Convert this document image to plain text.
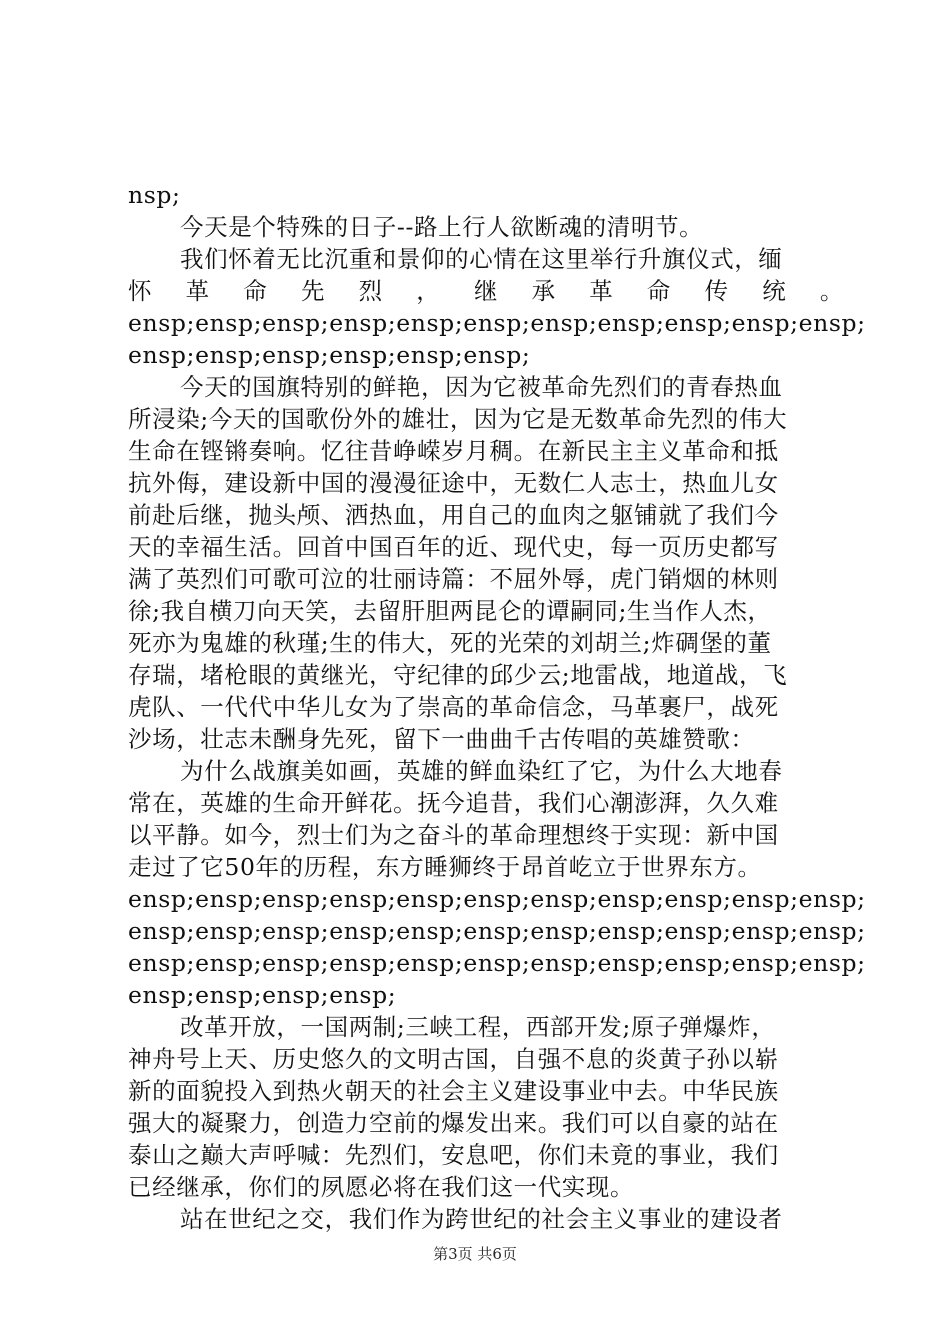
nsp;

今天是个特殊的日子--路上行人欲断魂的清明节。

我们怀着无比沉重和景仰的心情在这里举行升旗仪式，缅

怀 革 命 先 烈 ， 继 承 革 命 传 统 。

ensp;ensp;ensp;ensp;ensp;ensp;ensp;ensp;ensp;ensp;ensp;

ensp;ensp;ensp;ensp;ensp;ensp;

今天的国旗特别的鲜艳，因为它被革命先烈们的青春热血

所浸染;今天的国歌份外的雄壮，因为它是无数革命先烈的伟大

生命在铿锵奏响。忆往昔峥嵘岁月稠。在新民主主义革命和抵

抗外侮，建设新中国的漫漫征途中，无数仁人志士，热血儿女

前赴后继，抛头颅、洒热血，用自己的血肉之躯铺就了我们今

天的幸福生活。回首中国百年的近、现代史，每一页历史都写

满了英烈们可歌可泣的壮丽诗篇：不屈外辱，虎门销烟的林则

徐;我自横刀向天笑，去留肝胆两昆仑的谭嗣同;生当作人杰，

死亦为鬼雄的秋瑾;生的伟大，死的光荣的刘胡兰;炸碉堡的董

存瑞，堵枪眼的黄继光，守纪律的邱少云;地雷战，地道战，飞

虎队、一代代中华儿女为了崇高的革命信念，马革裹尸，战死

沙场，壮志未酬身先死，留下一曲曲千古传唱的英雄赞歌：

为什么战旗美如画，英雄的鲜血染红了它，为什么大地春

常在，英雄的生命开鲜花。抚今追昔，我们心潮澎湃，久久难

以平静。如今，烈士们为之奋斗的革命理想终于实现：新中国

走过了它50年的历程，东方睡狮终于昂首屹立于世界东方。

ensp;ensp;ensp;ensp;ensp;ensp;ensp;ensp;ensp;ensp;ensp;

ensp;ensp;ensp;ensp;ensp;ensp;ensp;ensp;ensp;ensp;ensp;

ensp;ensp;ensp;ensp;ensp;ensp;ensp;ensp;ensp;ensp;ensp;

ensp;ensp;ensp;ensp;

改革开放，一国两制;三峡工程，西部开发;原子弹爆炸，

神舟号上天、历史悠久的文明古国，自强不息的炎黄子孙以崭

新的面貌投入到热火朝天的社会主义建设事业中去。中华民族

强大的凝聚力，创造力空前的爆发出来。我们可以自豪的站在

泰山之巅大声呼喊：先烈们，安息吧，你们未竟的事业，我们

已经继承，你们的夙愿必将在我们这一代实现。

站在世纪之交，我们作为跨世纪的社会主义事业的建设者

第3页 共6页
